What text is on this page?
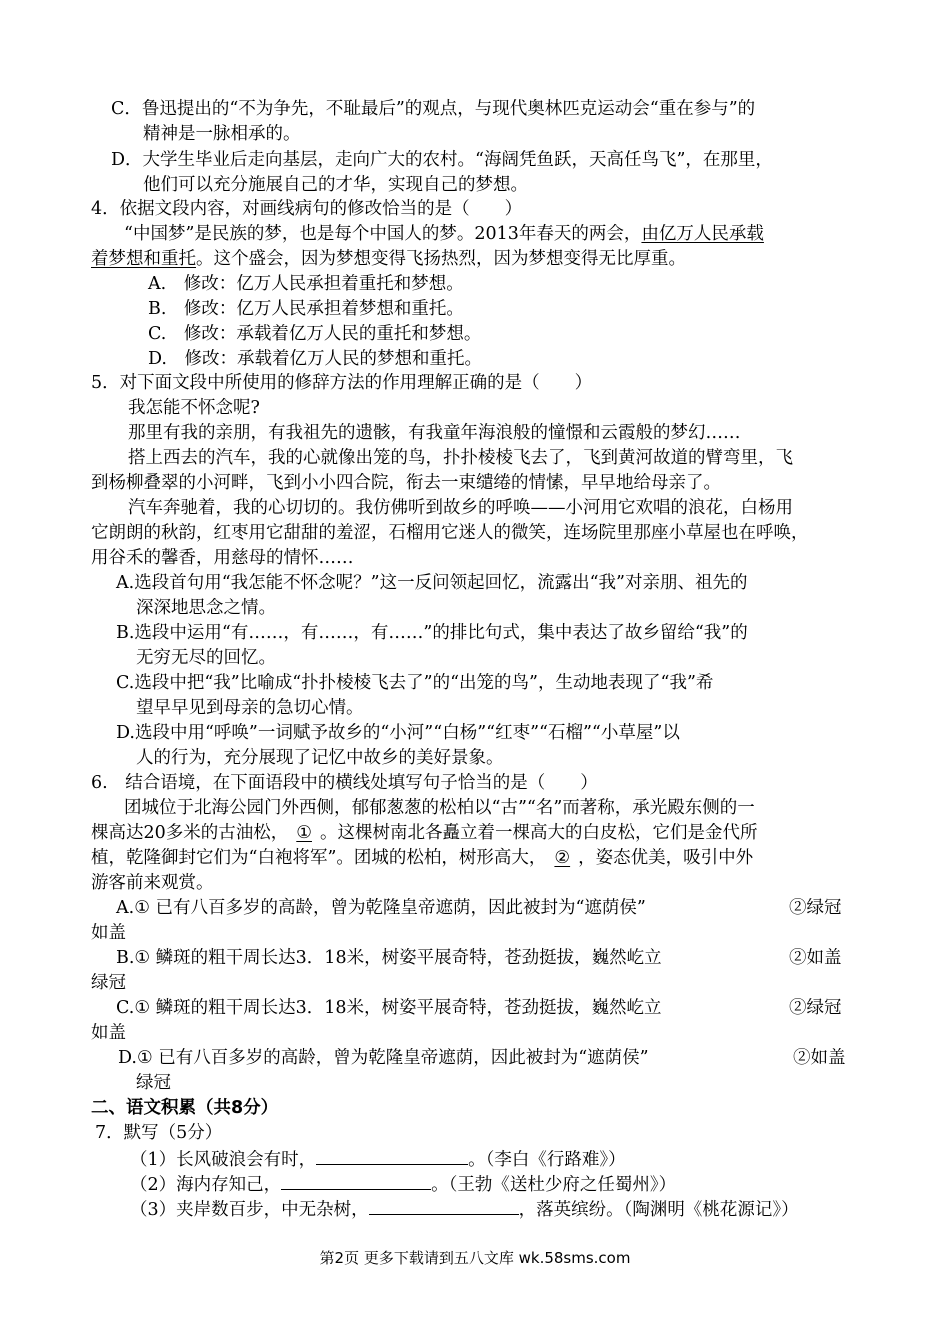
C．鲁迅提出的“不为争先，不耻最后”的观点，与现代奥林匹克运动会“重在参与”的
精神是一脉相承的。
D．大学生毕业后走向基层，走向广大的农村。“海阔凭鱼跃，天高任鸟飞”，在那里，
他们可以充分施展自己的才华，实现自己的梦想。
4．依据文段内容，对画线病句的修改恰当的是（　　）
“中国梦”是民族的梦，也是每个中国人的梦。2013年春天的两会，由亿万人民承载
着梦想和重托。这个盛会，因为梦想变得飞扬热烈，因为梦想变得无比厚重。
A.　修改：亿万人民承担着重托和梦想。
B.　修改：亿万人民承担着梦想和重托。
C.　修改：承载着亿万人民的重托和梦想。
D.　修改：承载着亿万人民的梦想和重托。
5．对下面文段中所使用的修辞方法的作用理解正确的是（　　）
我怎能不怀念呢?
那里有我的亲朋，有我祖先的遗骸，有我童年海浪般的憧憬和云霞般的梦幻……
搭上西去的汽车，我的心就像出笼的鸟，扑扑棱棱飞去了，飞到黄河故道的臂弯里，飞
到杨柳叠翠的小河畔，飞到小小四合院，衔去一束缱绻的情愫，早早地给母亲了。
汽车奔驰着，我的心切切的。我仿佛听到故乡的呼唤——小河用它欢唱的浪花，白杨用
它朗朗的秋韵，红枣用它甜甜的羞涩，石榴用它迷人的微笑，连场院里那座小草屋也在呼唤，
用谷禾的馨香，用慈母的情怀……
A.选段首句用“我怎能不怀念呢？”这一反问领起回忆，流露出“我”对亲朋、祖先的
深深地思念之情。
B.选段中运用“有……，有……，有……”的排比句式，集中表达了故乡留给“我”的
无穷无尽的回忆。
C.选段中把“我”比喻成“扑扑棱棱飞去了”的“出笼的鸟”，生动地表现了“我”希
望早早见到母亲的急切心情。
D.选段中用“呼唤”一词赋予故乡的“小河”“白杨”“红枣”“石榴”“小草屋”以
人的行为，充分展现了记忆中故乡的美好景象。
6.　结合语境，在下面语段中的横线处填写句子恰当的是（　　）
团城位于北海公园门外西侧，郁郁葱葱的松柏以“古”“名”而著称，承光殿东侧的一
棵高达20多米的古油松， ① 。这棵树南北各矗立着一棵高大的白皮松，它们是金代所
植，乾隆御封它们为“白袍将军”。团城的松柏，树形高大， ② ，姿态优美，吸引中外
游客前来观赏。
A.① 已有八百多岁的高龄，曾为乾隆皇帝遮荫，因此被封为“遮荫侯”	②绿冠
如盖
B.① 鳞斑的粗干周长达3．18米，树姿平展奇特，苍劲挺拔，巍然屹立	②如盖
绿冠
C.① 鳞斑的粗干周长达3．18米，树姿平展奇特，苍劲挺拔，巍然屹立	②绿冠
如盖
D.① 已有八百多岁的高龄，曾为乾隆皇帝遮荫，因此被封为“遮荫侯”	②如盖
绿冠
二、语文积累（共8分）
7．默写（5分）
（1）长风破浪会有时，	。（李白《行路难》）
（2）海内存知己，	。（王勃《送杜少府之任蜀州》）
（3）夹岸数百步，中无杂树，	，落英缤纷。（陶渊明《桃花源记》）
第2页 更多下载请到五八文库 wk.58sms.com
